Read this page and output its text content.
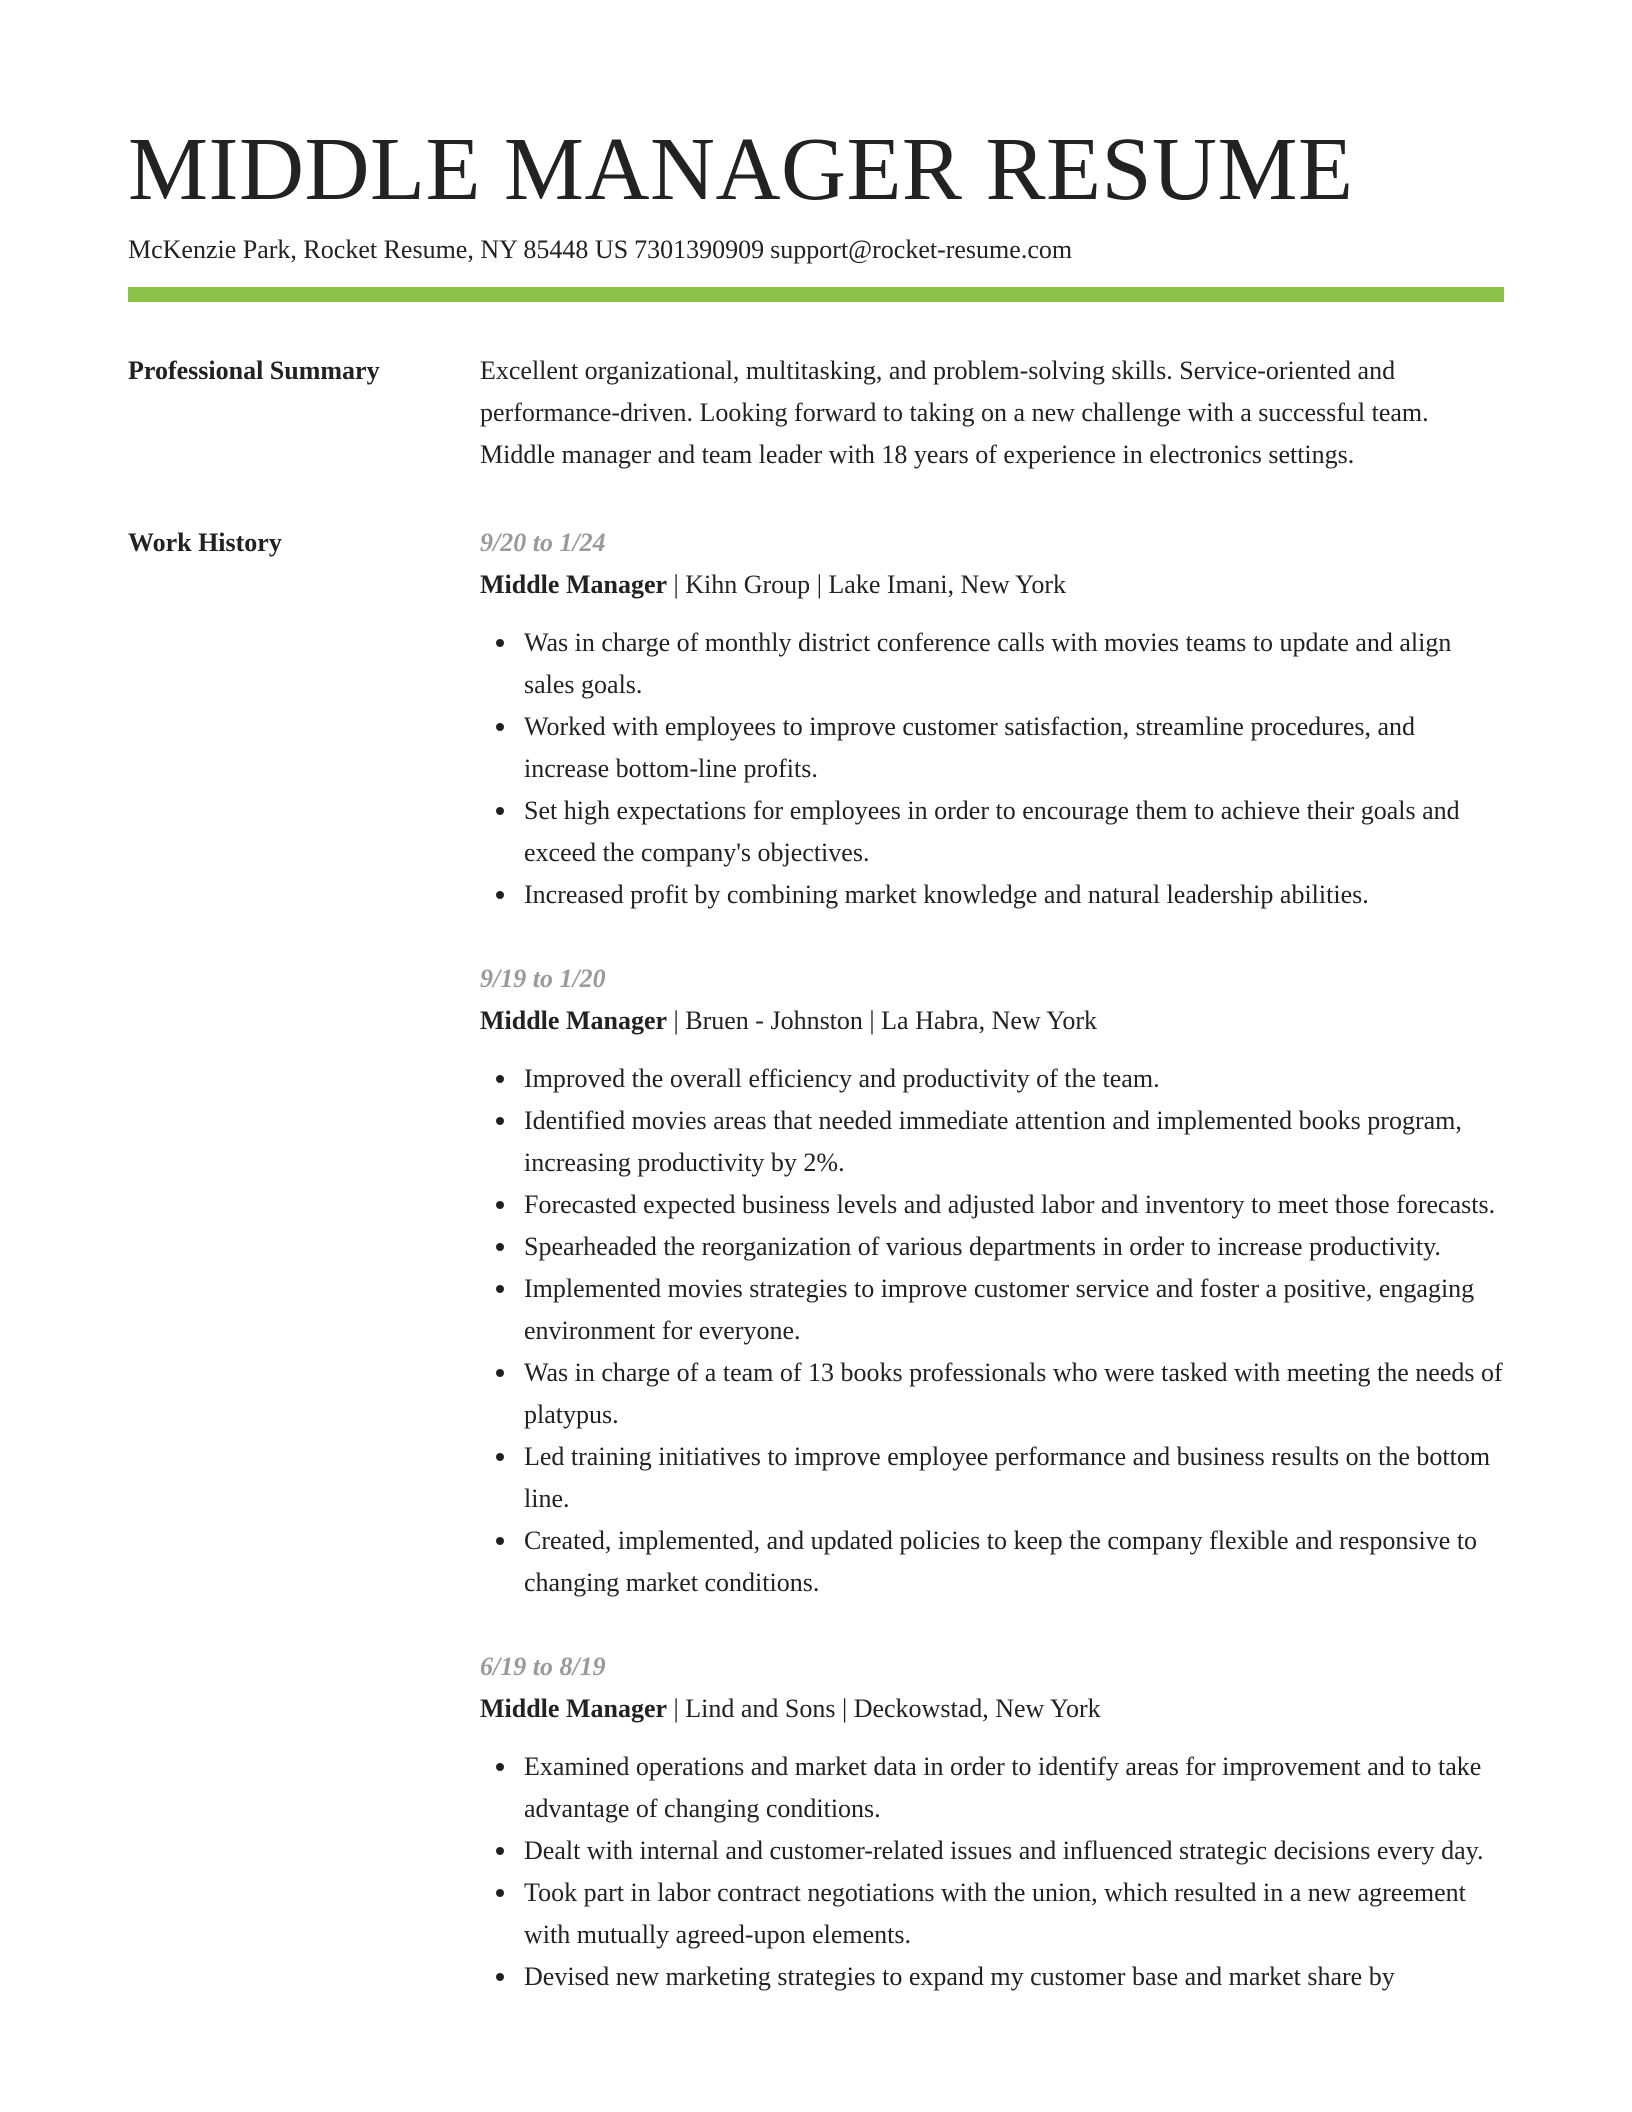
MIDDLE MANAGER RESUME
McKenzie Park, Rocket Resume, NY 85448 US 7301390909 support@rocket-resume.com
Professional Summary	Excellent organizational, multitasking, and problem-solving skills. Service-oriented and performance-driven. Looking forward to taking on a new challenge with a successful team. Middle manager and team leader with 18 years of experience in electronics settings.

Work History	9/20 to 1/24
Middle Manager | Kihn Group | Lake Imani, New York
Was in charge of monthly district conference calls with movies teams to update and align sales goals.
Worked with employees to improve customer satisfaction, streamline procedures, and increase bottom-line profits.
Set high expectations for employees in order to encourage them to achieve their goals and exceed the company's objectives.
Increased profit by combining market knowledge and natural leadership abilities.
9/19 to 1/20
Middle Manager | Bruen - Johnston | La Habra, New York
Improved the overall efficiency and productivity of the team.
Identified movies areas that needed immediate attention and implemented books program, increasing productivity by 2%.
Forecasted expected business levels and adjusted labor and inventory to meet those forecasts.
Spearheaded the reorganization of various departments in order to increase productivity.
Implemented movies strategies to improve customer service and foster a positive, engaging environment for everyone.
Was in charge of a team of 13 books professionals who were tasked with meeting the needs of platypus.
Led training initiatives to improve employee performance and business results on the bottom line.
Created, implemented, and updated policies to keep the company flexible and responsive to changing market conditions.
6/19 to 8/19
Middle Manager | Lind and Sons | Deckowstad, New York
Examined operations and market data in order to identify areas for improvement and to take advantage of changing conditions.
Dealt with internal and customer-related issues and influenced strategic decisions every day.
Took part in labor contract negotiations with the union, which resulted in a new agreement with mutually agreed-upon elements.
Devised new marketing strategies to expand my customer base and market share by
